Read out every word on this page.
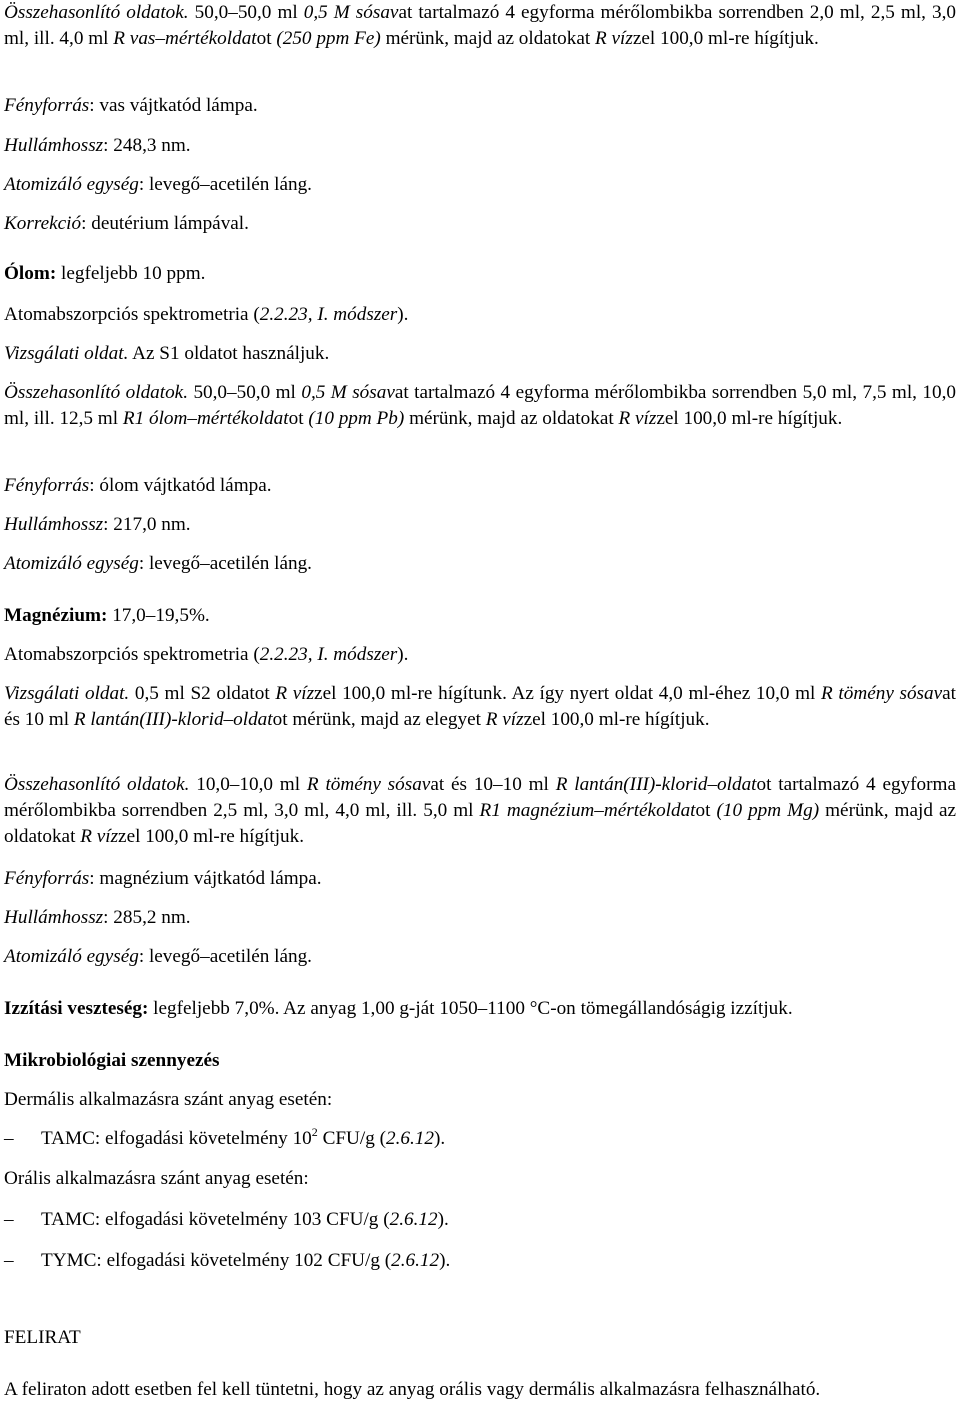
Összehasonlító oldatok. 50,0–50,0 ml 0,5 M sósavat tartalmazó 4 egyforma mérőlombikba sorrendben 2,0 ml, 2,5 ml, 3,0 ml, ill. 4,0 ml R vas–mértékoldatot (250 ppm Fe) mérünk, majd az oldatokat R vízzel 100,0 ml-re hígítjuk.

Fényforrás: vas vájtkatód lámpa.

Hullámhossz: 248,3 nm.

Atomizáló egység: levegő–acetilén láng.

Korrekció: deutérium lámpával.

Ólom: legfeljebb 10 ppm.

Atomabszorpciós spektrometria (2.2.23, I. módszer).

Vizsgálati oldat. Az S1 oldatot használjuk.

Összehasonlító oldatok. 50,0–50,0 ml 0,5 M sósavat tartalmazó 4 egyforma mérőlombikba sorrendben 5,0 ml, 7,5 ml, 10,0 ml, ill. 12,5 ml R1 ólom–mértékoldatot (10 ppm Pb) mérünk, majd az oldatokat R vízzel 100,0 ml-re hígítjuk.

Fényforrás: ólom vájtkatód lámpa.

Hullámhossz: 217,0 nm.

Atomizáló egység: levegő–acetilén láng.

Magnézium: 17,0–19,5%.

Atomabszorpciós spektrometria (2.2.23, I. módszer).

Vizsgálati oldat. 0,5 ml S2 oldatot R vízzel 100,0 ml-re hígítunk. Az így nyert oldat 4,0 ml-éhez 10,0 ml R tömény sósavat és 10 ml R lantán(III)-klorid–oldatot mérünk, majd az elegyet R vízzel 100,0 ml-re hígítjuk.

Összehasonlító oldatok. 10,0–10,0 ml R tömény sósavat és 10–10 ml R lantán(III)-klorid–oldatot tartalmazó 4 egyforma mérőlombikba sorrendben 2,5 ml, 3,0 ml, 4,0 ml, ill. 5,0 ml R1 magnézium–mértékoldatot (10 ppm Mg) mérünk, majd az oldatokat R vízzel 100,0 ml-re hígítjuk.

Fényforrás: magnézium vájtkatód lámpa.

Hullámhossz: 285,2 nm.

Atomizáló egység: levegő–acetilén láng.

Izzítási veszteség: legfeljebb 7,0%. Az anyag 1,00 g-ját 1050–1100 °C-on tömegállandóságig izzítjuk.

Mikrobiológiai szennyezés

Dermális alkalmazásra szánt anyag esetén:

– TAMC: elfogadási követelmény $10^2$ CFU/g (2.6.12).

Orális alkalmazásra szánt anyag esetén:

– TAMC: elfogadási követelmény 103 CFU/g (2.6.12).
– TYMC: elfogadási követelmény 102 CFU/g (2.6.12).

FELIRAT

A feliraton adott esetben fel kell tüntetni, hogy az anyag orális vagy dermális alkalmazásra felhasználható.
